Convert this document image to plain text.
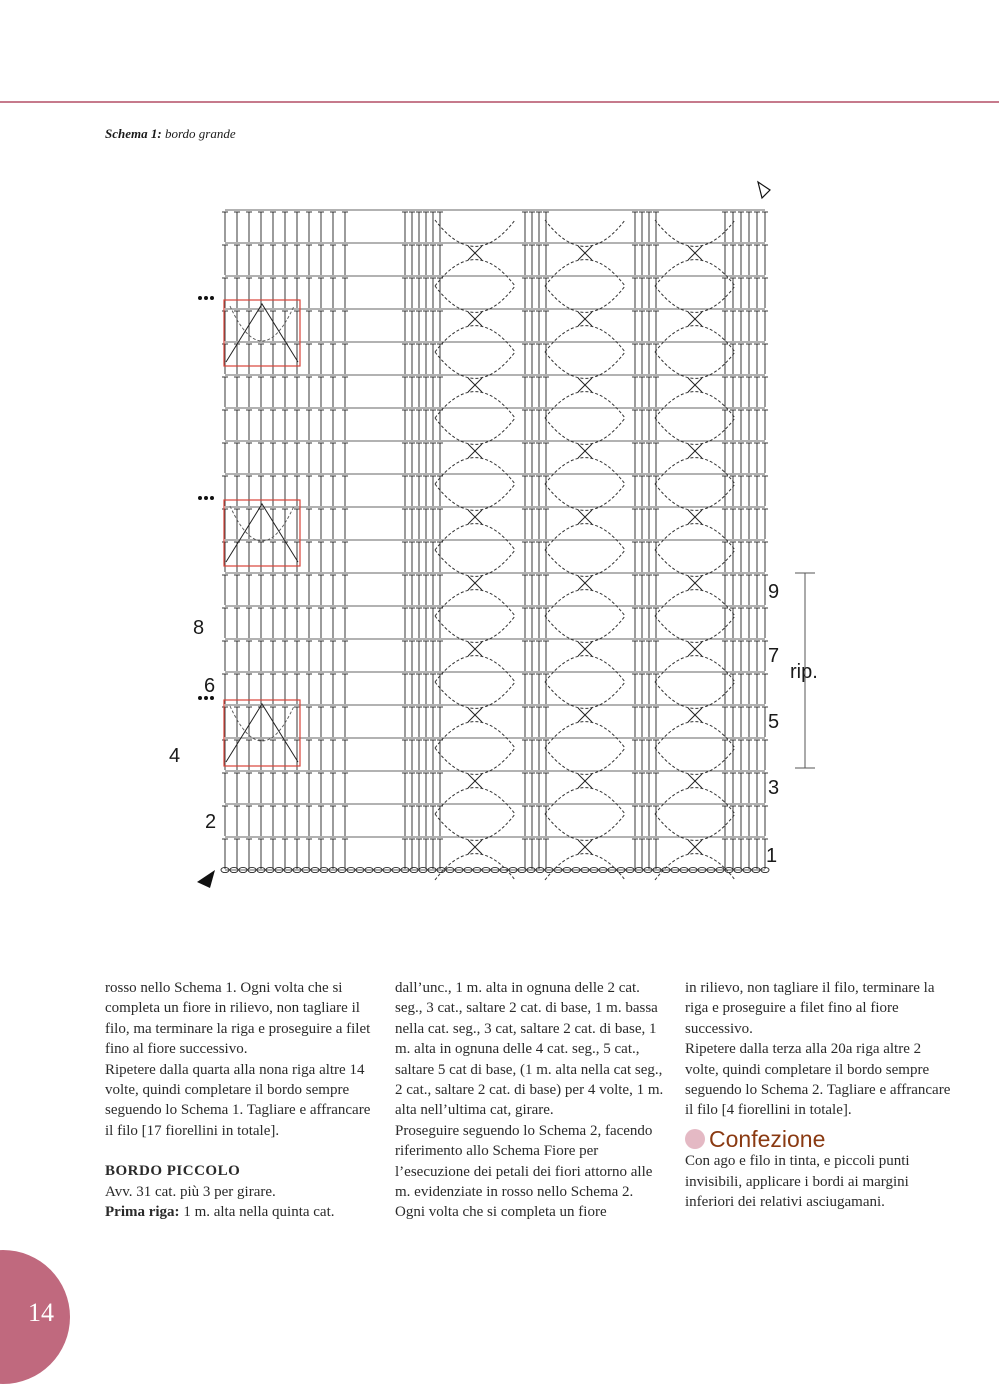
Schema 1: bordo grande
8
6
4
2
9
7
5
3
1
rip.

rosso nello Schema 1. Ogni volta che si completa un fiore in rilievo, non tagliare il filo, ma terminare la riga e proseguire a filet fino al fiore successivo.

Ripetere dalla quarta alla nona riga altre 14 volte, quindi completare il bordo sempre seguendo lo Schema 1. Tagliare e affrancare il filo [17 fiorellini in totale].

BORDO PICCOLO

Avv. 31 cat. più 3 per girare.

Prima riga: 1 m. alta nella quinta cat.

dall’unc., 1 m. alta in ognuna delle 2 cat. seg., 3 cat., saltare 2 cat. di base, 1 m. bassa nella cat. seg., 3 cat, saltare 2 cat. di base, 1 m. alta in ognuna delle 4 cat. seg., 5 cat., saltare 5 cat di base, (1 m. alta nella cat seg., 2 cat., saltare 2 cat. di base) per 4 volte, 1 m. alta nell’ultima cat, girare.

Proseguire seguendo lo Schema 2, facendo riferimento allo Schema Fiore per l’esecuzione dei petali dei fiori attorno alle m. evidenziate in rosso nello Schema 2.

Ogni volta che si completa un fiore

in rilievo, non tagliare il filo, terminare la riga e proseguire a filet fino al fiore successivo.

Ripetere dalla terza alla 20a riga altre 2 volte, quindi completare il bordo sempre seguendo lo Schema 2. Tagliare e affrancare il filo [4 fiorellini in totale].

Confezione

Con ago e filo in tinta, e piccoli punti invisibili, applicare i bordi ai margini inferiori dei relativi asciugamani.

14
